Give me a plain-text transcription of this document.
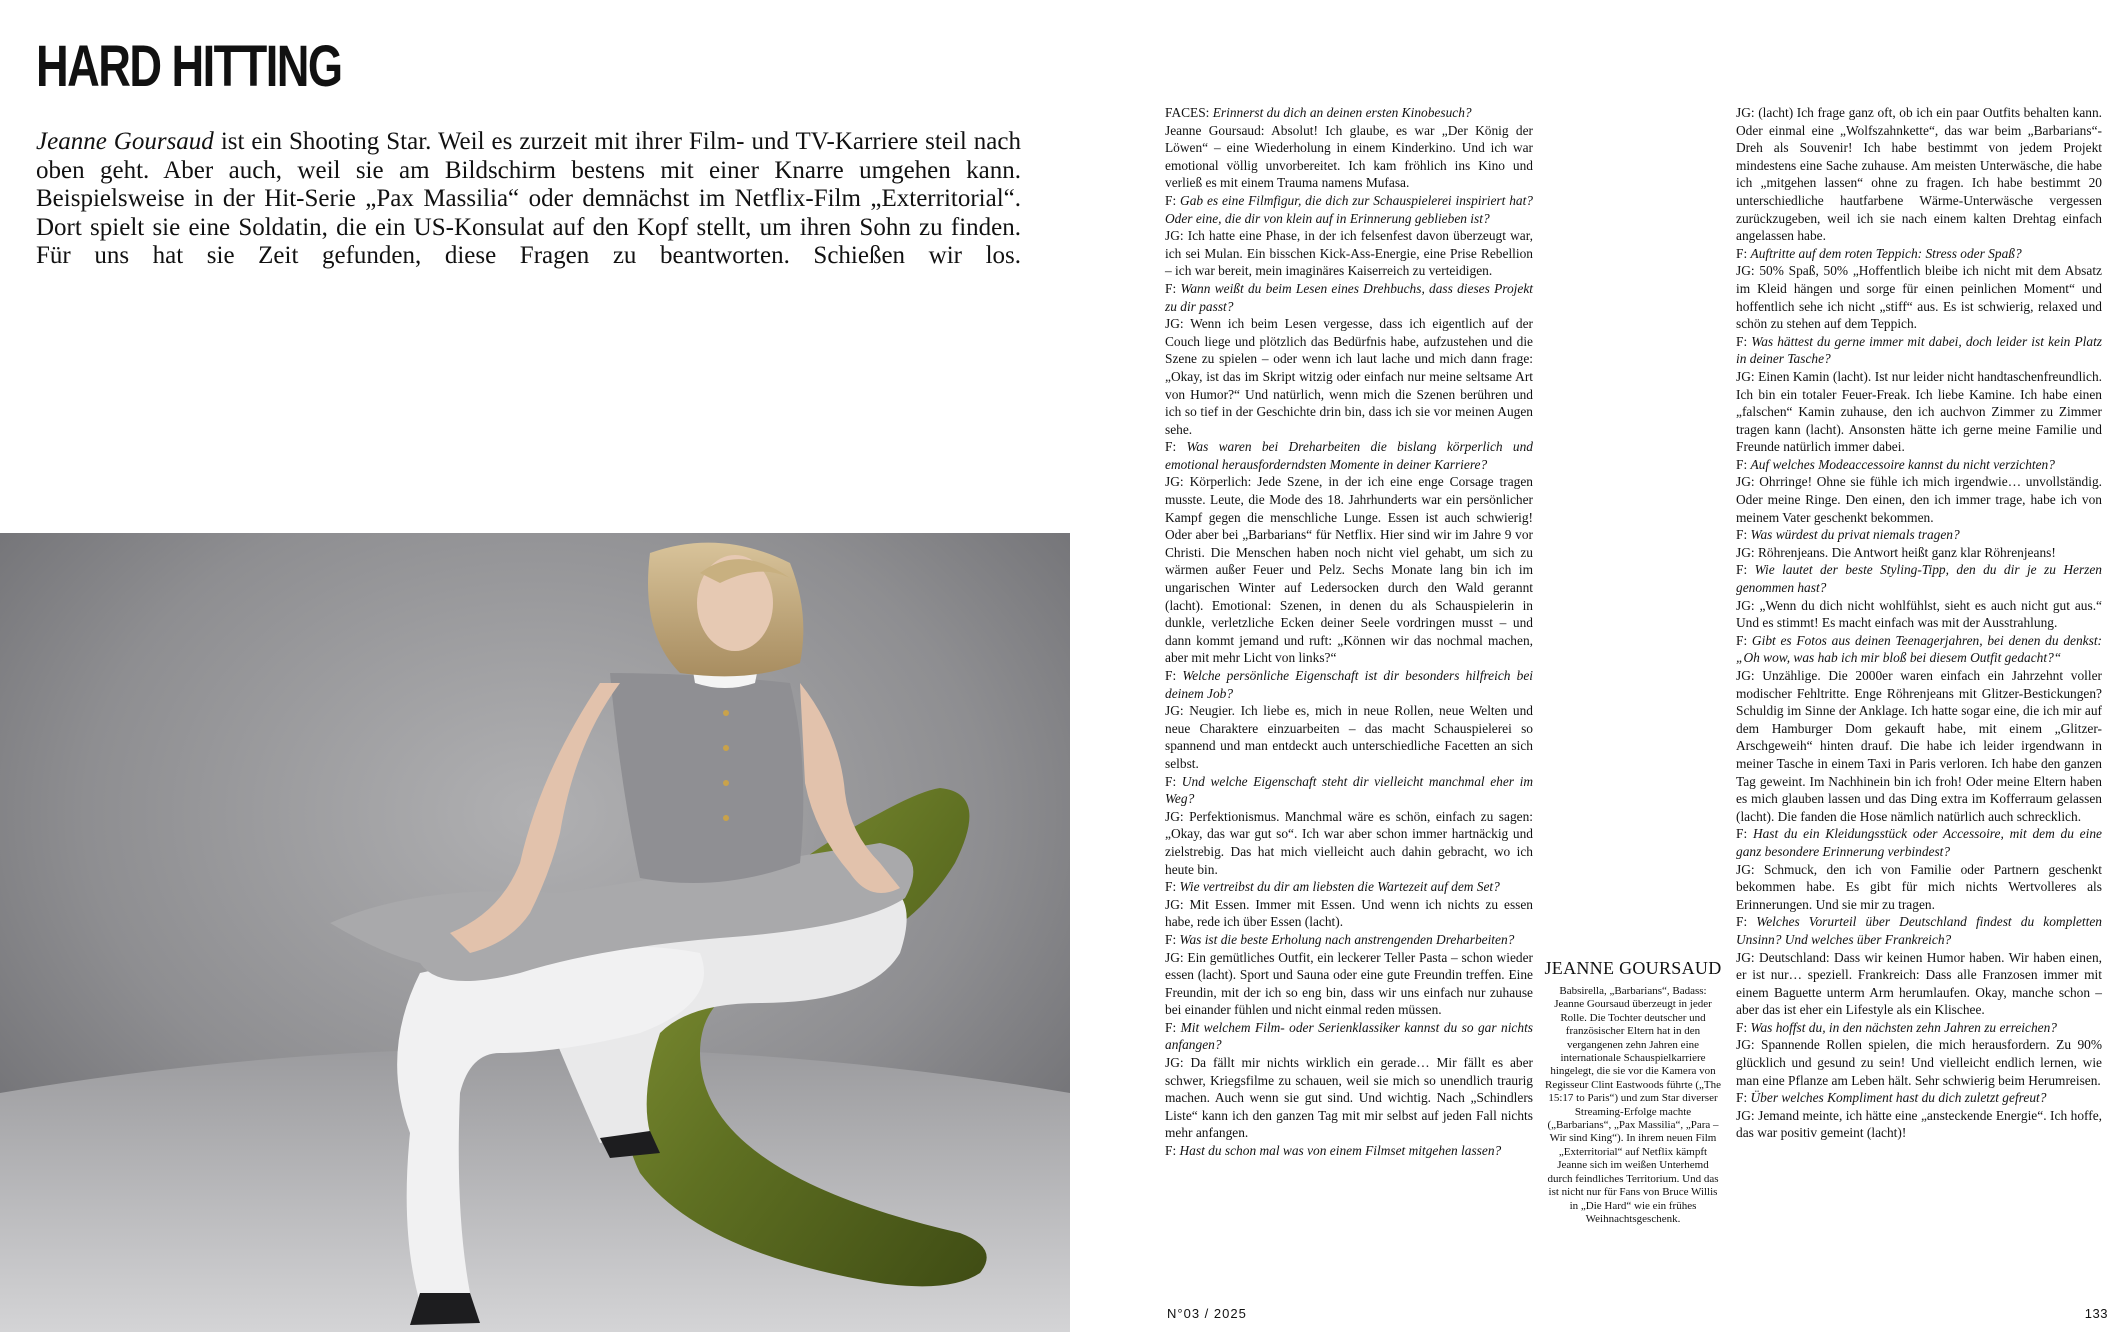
HARD HITTING

Jeanne Goursaud ist ein Shooting Star. Weil es zurzeit mit ihrer Film- und TV-Karriere steil nach oben geht. Aber auch, weil sie am Bildschirm bestens mit einer Knarre umgehen kann. Beispielsweise in der Hit-Serie „Pax Massilia“ oder demnächst im Netflix-Film „Exterritorial“. Dort spielt sie eine Soldatin, die ein US-Konsulat auf den Kopf stellt, um ihren Sohn zu finden. Für uns hat sie Zeit gefunden, diese Fragen zu beantworten. Schießen wir los.

FACES: Erinnerst du dich an deinen ersten Kinobesuch?

Jeanne Goursaud: Absolut! Ich glaube, es war „Der König der Löwen“ – eine Wiederholung in einem Kinderkino. Und ich war emotional völlig unvorbereitet. Ich kam fröhlich ins Kino und verließ es mit einem Trauma namens Mufasa.

F: Gab es eine Filmfigur, die dich zur Schauspielerei inspiriert hat? Oder eine, die dir von klein auf in Erinnerung geblieben ist?

JG: Ich hatte eine Phase, in der ich felsenfest davon überzeugt war, ich sei Mulan. Ein bisschen Kick-Ass-Energie, eine Prise Rebellion – ich war bereit, mein imaginäres Kaiserreich zu verteidigen.

F: Wann weißt du beim Lesen eines Drehbuchs, dass dieses Projekt zu dir passt?

JG: Wenn ich beim Lesen vergesse, dass ich eigentlich auf der Couch liege und plötzlich das Bedürfnis habe, aufzustehen und die Szene zu spielen – oder wenn ich laut lache und mich dann frage: „Okay, ist das im Skript witzig oder einfach nur meine seltsame Art von Humor?“ Und natürlich, wenn mich die Szenen berühren und ich so tief in der Geschichte drin bin, dass ich sie vor meinen Augen sehe.

F: Was waren bei Dreharbeiten die bislang körperlich und emotional herausforderndsten Momente in deiner Karriere?

JG: Körperlich: Jede Szene, in der ich eine enge Corsage tragen musste. Leute, die Mode des 18. Jahrhunderts war ein persönlicher Kampf gegen die menschliche Lunge. Essen ist auch schwierig! Oder aber bei „Barbarians“ für Netflix. Hier sind wir im Jahre 9 vor Christi. Die Menschen haben noch nicht viel gehabt, um sich zu wärmen außer Feuer und Pelz. Sechs Monate lang bin ich im ungarischen Winter auf Ledersocken durch den Wald gerannt (lacht). Emotional: Szenen, in denen du als Schauspielerin in dunkle, verletzliche Ecken deiner Seele vordringen musst – und dann kommt jemand und ruft: „Können wir das nochmal machen, aber mit mehr Licht von links?“

F: Welche persönliche Eigenschaft ist dir besonders hilfreich bei deinem Job?

JG: Neugier. Ich liebe es, mich in neue Rollen, neue Welten und neue Charaktere einzuarbeiten – das macht Schauspielerei so spannend und man entdeckt auch unterschiedliche Facetten an sich selbst.

F: Und welche Eigenschaft steht dir vielleicht manchmal eher im Weg?

JG: Perfektionismus. Manchmal wäre es schön, einfach zu sagen: „Okay, das war gut so“. Ich war aber schon immer hartnäckig und zielstrebig. Das hat mich vielleicht auch dahin gebracht, wo ich heute bin.

F: Wie vertreibst du dir am liebsten die Wartezeit auf dem Set?

JG: Mit Essen. Immer mit Essen. Und wenn ich nichts zu essen habe, rede ich über Essen (lacht).

F: Was ist die beste Erholung nach anstrengenden Dreharbeiten?

JG: Ein gemütliches Outfit, ein leckerer Teller Pasta – schon wieder essen (lacht). Sport und Sauna oder eine gute Freundin treffen. Eine Freundin, mit der ich so eng bin, dass wir uns einfach nur zuhause bei einander fühlen und nicht einmal reden müssen.

F: Mit welchem Film- oder Serienklassiker kannst du so gar nichts anfangen?

JG: Da fällt mir nichts wirklich ein gerade… Mir fällt es aber schwer, Kriegsfilme zu schauen, weil sie mich so unendlich traurig machen. Auch wenn sie gut sind. Und wichtig. Nach „Schindlers Liste“ kann ich den ganzen Tag mit mir selbst auf jeden Fall nichts mehr anfangen.

F: Hast du schon mal was von einem Filmset mitgehen lassen?

JEANNE GOURSAUD
Babsirella, „Barbarians“, Badass: Jeanne Goursaud überzeugt in jeder Rolle. Die Tochter deutscher und französischer Eltern hat in den vergangenen zehn Jahren eine internationale Schauspielkarriere hingelegt, die sie vor die Kamera von Regisseur Clint Eastwoods führte („The 15:17 to Paris“) und zum Star diverser Streaming-Erfolge machte („Barbarians“, „Pax Massilia“, „Para – Wir sind King“). In ihrem neuen Film „Exterritorial“ auf Netflix kämpft Jeanne sich im weißen Unterhemd durch feindliches Territorium. Und das ist nicht nur für Fans von Bruce Willis in „Die Hard“ wie ein frühes Weihnachtsgeschenk.

JG: (lacht) Ich frage ganz oft, ob ich ein paar Outfits behalten kann. Oder einmal eine „Wolfszahnkette“, das war beim „Barbarians“-Dreh als Souvenir! Ich habe bestimmt von jedem Projekt mindestens eine Sache zuhause. Am meisten Unterwäsche, die habe ich „mitgehen lassen“ ohne zu fragen. Ich habe bestimmt 20 unterschiedliche hautfarbene Wärme-Unterwäsche vergessen zurückzugeben, weil ich sie nach einem kalten Drehtag einfach angelassen habe.

F: Auftritte auf dem roten Teppich: Stress oder Spaß?

JG: 50% Spaß, 50% „Hoffentlich bleibe ich nicht mit dem Absatz im Kleid hängen und sorge für einen peinlichen Moment“ und hoffentlich sehe ich nicht „stiff“ aus. Es ist schwierig, relaxed und schön zu stehen auf dem Teppich.

F: Was hättest du gerne immer mit dabei, doch leider ist kein Platz in deiner Tasche?

JG: Einen Kamin (lacht). Ist nur leider nicht handtaschenfreundlich. Ich bin ein totaler Feuer-Freak. Ich liebe Kamine. Ich habe einen „falschen“ Kamin zuhause, den ich auchvon Zimmer zu Zimmer tragen kann (lacht). Ansonsten hätte ich gerne meine Familie und Freunde natürlich immer dabei.

F: Auf welches Modeaccessoire kannst du nicht verzichten?

JG: Ohrringe! Ohne sie fühle ich mich irgendwie… unvollständig. Oder meine Ringe. Den einen, den ich immer trage, habe ich von meinem Vater geschenkt bekommen.

F: Was würdest du privat niemals tragen?

JG: Röhrenjeans. Die Antwort heißt ganz klar Röhrenjeans!

F: Wie lautet der beste Styling-Tipp, den du dir je zu Herzen genommen hast?

JG: „Wenn du dich nicht wohlfühlst, sieht es auch nicht gut aus.“ Und es stimmt! Es macht einfach was mit der Ausstrahlung.

F: Gibt es Fotos aus deinen Teenagerjahren, bei denen du denkst: „Oh wow, was hab ich mir bloß bei diesem Outfit gedacht?“

JG: Unzählige. Die 2000er waren einfach ein Jahrzehnt voller modischer Fehltritte. Enge Röhrenjeans mit Glitzer-Bestickungen? Schuldig im Sinne der Anklage. Ich hatte sogar eine, die ich mir auf dem Hamburger Dom gekauft habe, mit einem „Glitzer-Arschgeweih“ hinten drauf. Die habe ich leider irgendwann in meiner Tasche in einem Taxi in Paris verloren. Ich habe den ganzen Tag geweint. Im Nachhinein bin ich froh! Oder meine Eltern haben es mich glauben lassen und das Ding extra im Kofferraum gelassen (lacht). Die fanden die Hose nämlich natürlich auch schrecklich.

F: Hast du ein Kleidungsstück oder Accessoire, mit dem du eine ganz besondere Erinnerung verbindest?

JG: Schmuck, den ich von Familie oder Partnern geschenkt bekommen habe. Es gibt für mich nichts Wertvolleres als Erinnerungen. Und sie mir zu tragen.

F: Welches Vorurteil über Deutschland findest du kompletten Unsinn? Und welches über Frankreich?

JG: Deutschland: Dass wir keinen Humor haben. Wir haben einen, er ist nur… speziell. Frankreich: Dass alle Franzosen immer mit einem Baguette unterm Arm herumlaufen. Okay, manche schon – aber das ist eher ein Lifestyle als ein Klischee.

F: Was hoffst du, in den nächsten zehn Jahren zu erreichen?

JG: Spannende Rollen spielen, die mich herausfordern. Zu 90% glücklich und gesund zu sein! Und vielleicht endlich lernen, wie man eine Pflanze am Leben hält. Sehr schwierig beim Herumreisen.

F: Über welches Kompliment hast du dich zuletzt gefreut?

JG: Jemand meinte, ich hätte eine „ansteckende Energie“. Ich hoffe, das war positiv gemeint (lacht)!

N°03 / 2025	133
